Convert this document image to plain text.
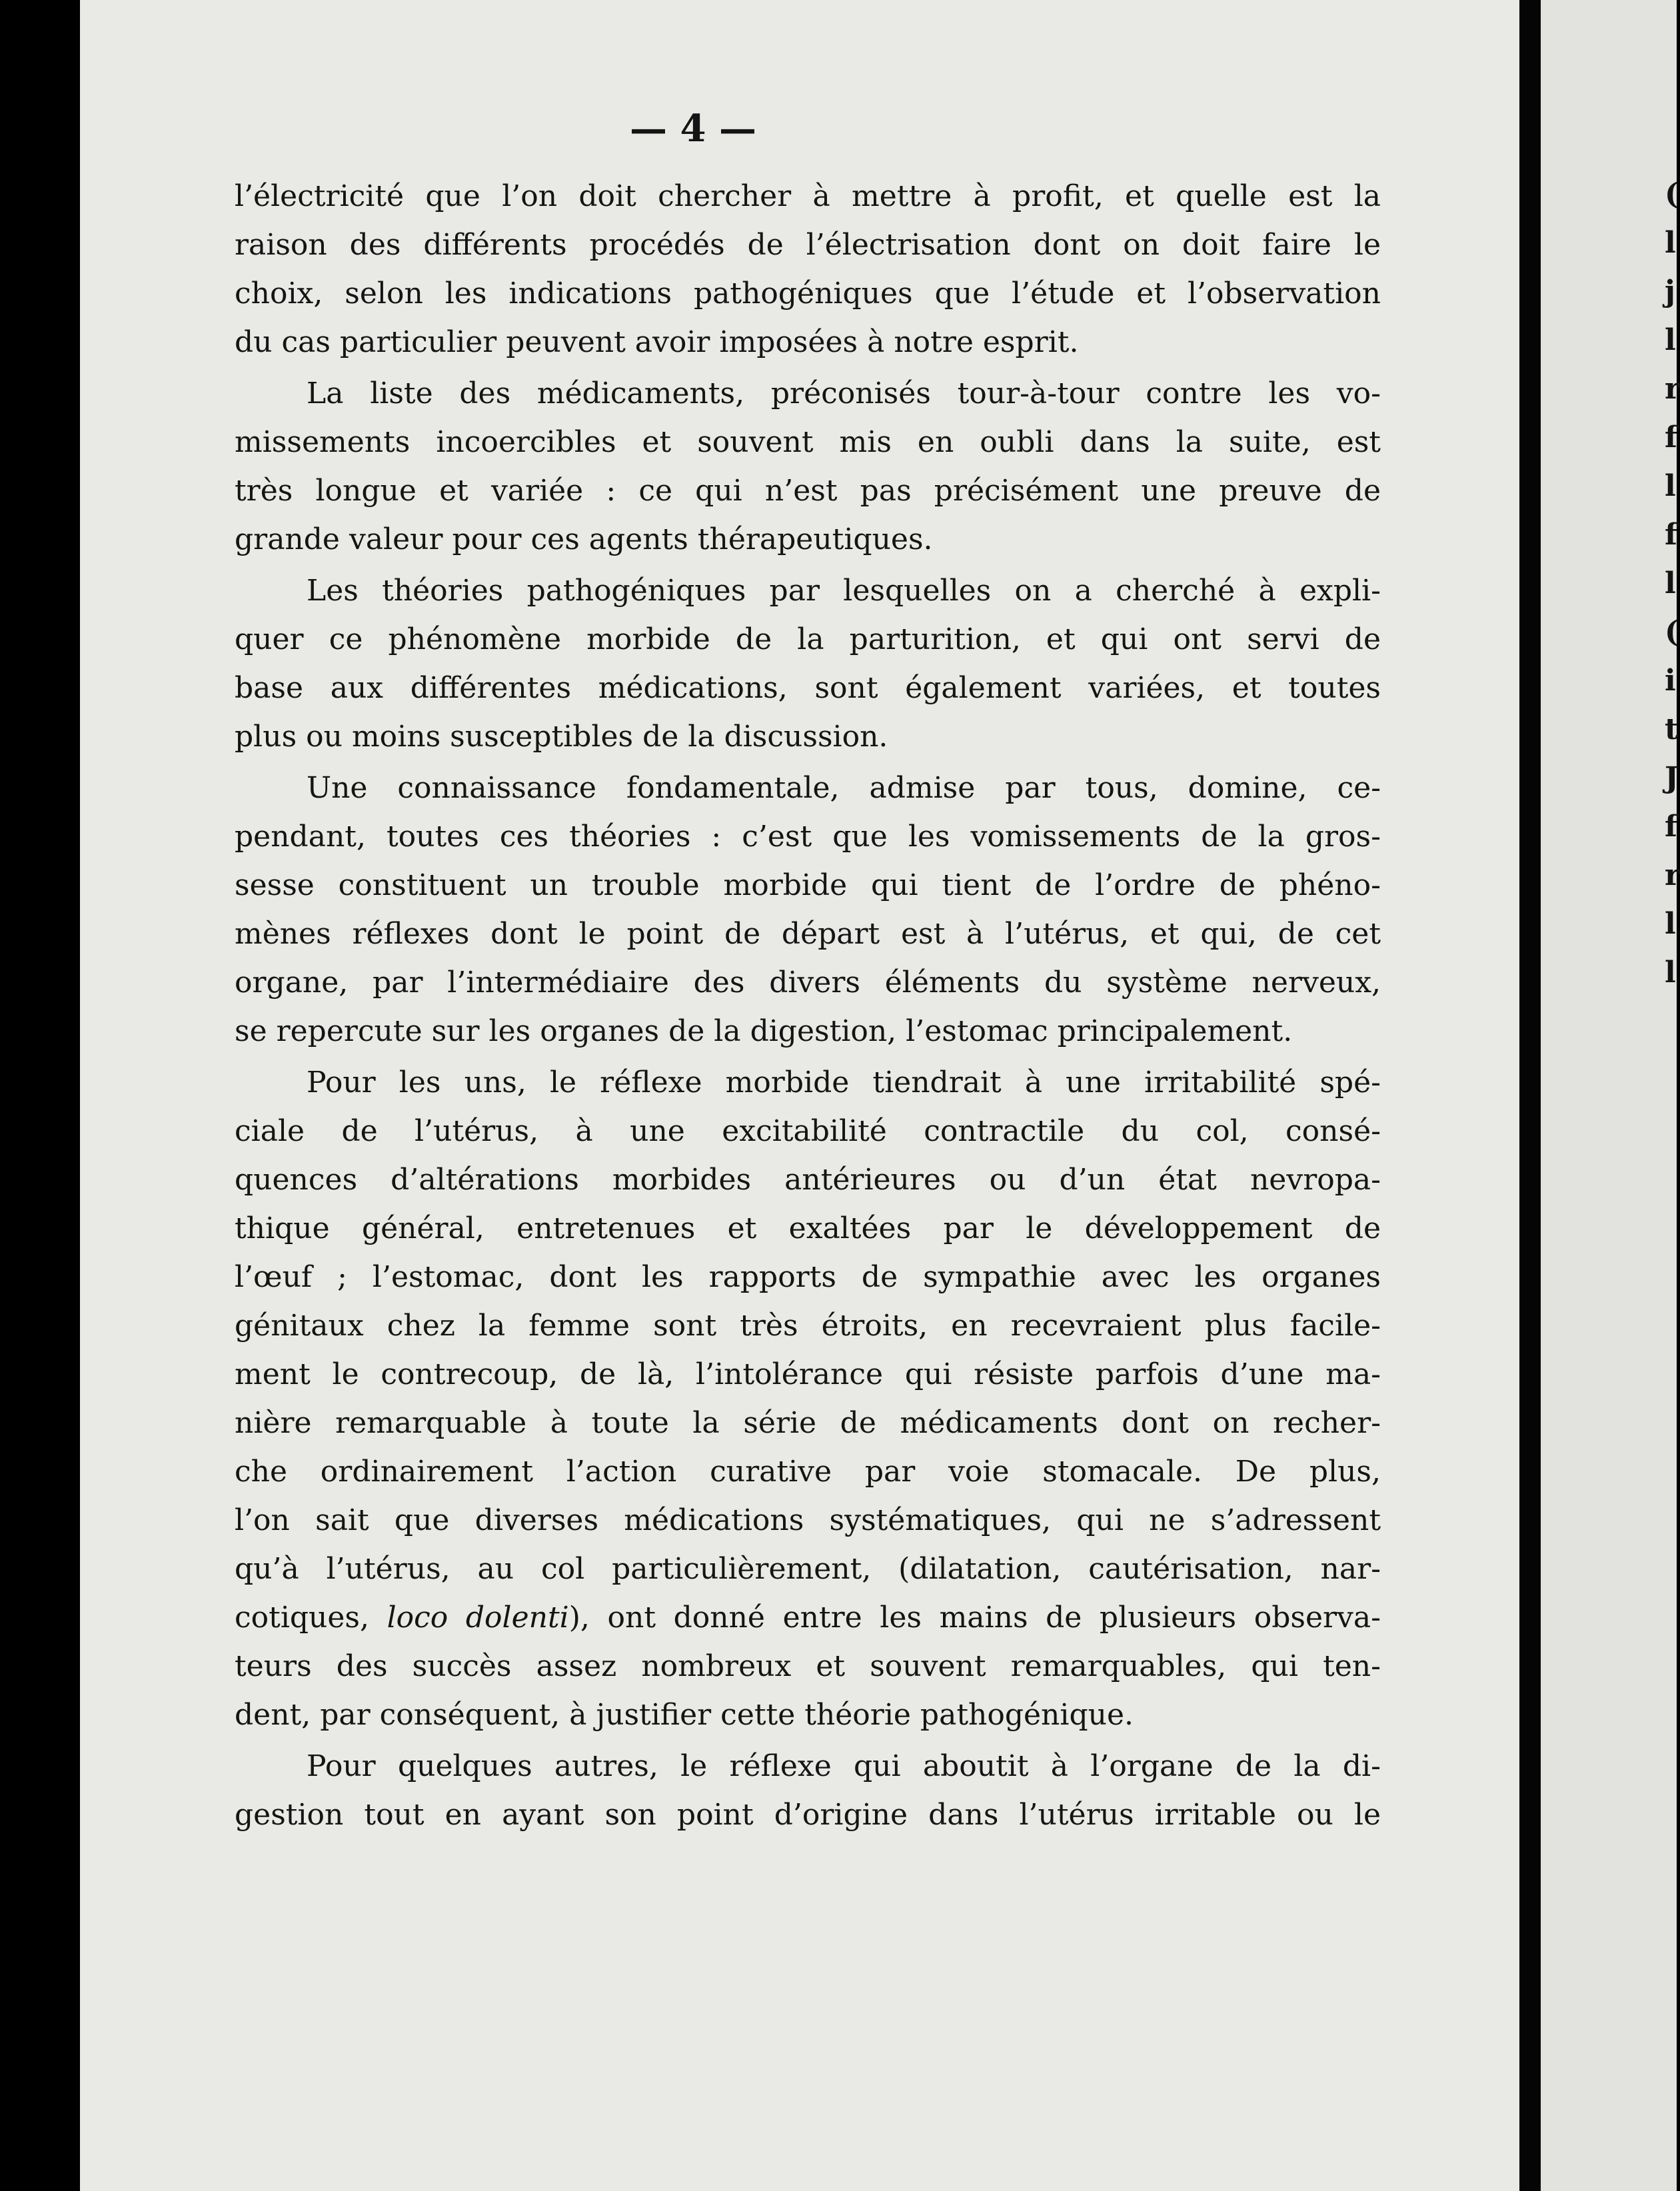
— 4 —
l’électricité que l’on doit chercher à mettre à profit, et quelle est la
raison des différents procédés de l’électrisation dont on doit faire le
choix, selon les indications pathogéniques que l’étude et l’observation
du cas particulier peuvent avoir imposées à notre esprit.
La liste des médicaments, préconisés tour-à-tour contre les vo-
missements incoercibles et souvent mis en oubli dans la suite, est
très longue et variée : ce qui n’est pas précisément une preuve de
grande valeur pour ces agents thérapeutiques.
Les théories pathogéniques par lesquelles on a cherché à expli-
quer ce phénomène morbide de la parturition, et qui ont servi de
base aux différentes médications, sont également variées, et toutes
plus ou moins susceptibles de la discussion.
Une connaissance fondamentale, admise par tous, domine, ce-
pendant, toutes ces théories : c’est que les vomissements de la gros-
sesse constituent un trouble morbide qui tient de l’ordre de phéno-
mènes réflexes dont le point de départ est à l’utérus, et qui, de cet
organe, par l’intermédiaire des divers éléments du système nerveux,
se repercute sur les organes de la digestion, l’estomac principalement.
Pour les uns, le réflexe morbide tiendrait à une irritabilité spé-
ciale de l’utérus, à une excitabilité contractile du col, consé-
quences d’altérations morbides antérieures ou d’un état nevropa-
thique général, entretenues et exaltées par le développement de
l’œuf ; l’estomac, dont les rapports de sympathie avec les organes
génitaux chez la femme sont très étroits, en recevraient plus facile-
ment le contrecoup, de là, l’intolérance qui résiste parfois d’une ma-
nière remarquable à toute la série de médicaments dont on recher-
che ordinairement l’action curative par voie stomacale. De plus,
l’on sait que diverses médications systématiques, qui ne s’adressent
qu’à l’utérus, au col particulièrement, (dilatation, cautérisation, nar-
cotiques, loco dolenti), ont donné entre les mains de plusieurs observa-
teurs des succès assez nombreux et souvent remarquables, qui ten-
dent, par conséquent, à justifier cette théorie pathogénique.
Pour quelques autres, le réflexe qui aboutit à l’organe de la di-
gestion tout en ayant son point d’origine dans l’utérus irritable ou le
(
l
j
l
r
f
l
f
l
(
i
t
J
f
r
l
l
